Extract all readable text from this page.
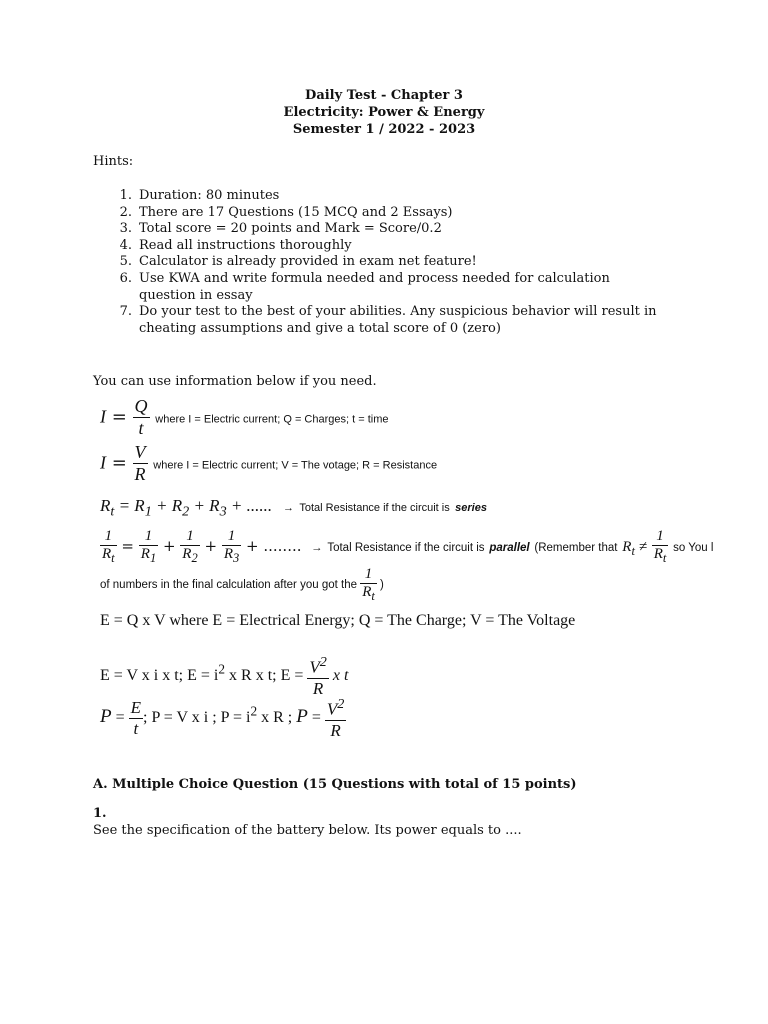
Daily Test - Chapter 3
Electricity: Power & Energy
Semester 1 / 2022 - 2023
Hints:
1. Duration: 80 minutes
2. There are 17 Questions (15 MCQ and 2 Essays)
3. Total score = 20 points and Mark = Score/0.2
4. Read all instructions thoroughly
5. Calculator is already provided in exam net feature!
6. Use KWA and write formula needed and process needed for calculation question in essay
7. Do your test to the best of your abilities. Any suspicious behavior will result in cheating assumptions and give a total score of 0 (zero)
You can use information below if you need.
$I = \frac{Q}{t}$ where I = Electric current; Q = Charges; t = time
$I = \frac{V}{R}$ where I = Electric current; V = The votage; R = Resistance
$R_t = R_1 + R_2 + R_3$ + ...... → Total Resistance if the circuit is series
$\frac{1}{R_t} = \frac{1}{R_1} + \frac{1}{R_2} + \frac{1}{R_3}$ + ........  → Total Resistance if the circuit is parallel (Remember that $R_t \ne \frac{1}{R_t}$ so You l
of numbers in the final calculation after you got the $\frac{1}{R_t}$ )
E = Q x V where E = Electrical Energy; Q = The Charge; V = The Voltage
E = V x i x t; $E = i^2$ x R x t; $E = \frac{V^2}{R}$ x t
$P = \frac{E}{t}$ ; P = V x i ; $P = i^2$ x R ; $P = \frac{V^2}{R}$
A. Multiple Choice Question (15 Questions with total of 15 points)
1.
See the specification of the battery below. Its power equals to ....
